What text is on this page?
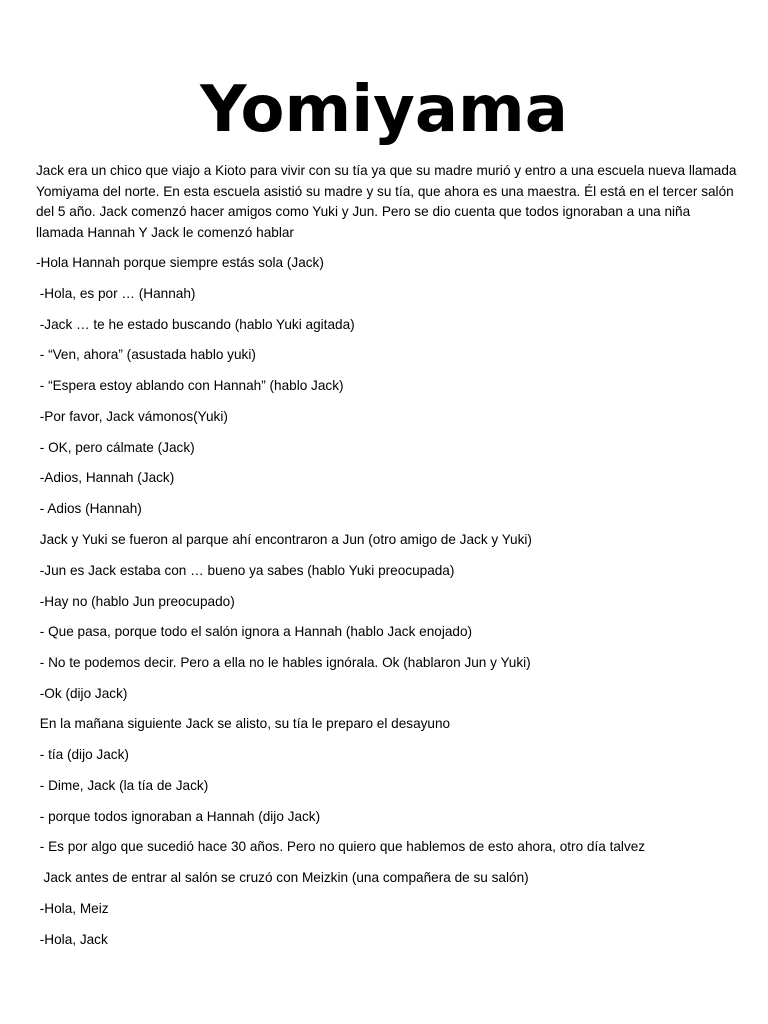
Yomiyama

Jack era un chico que viajo a Kioto para vivir con su tía ya que su madre murió y entro a una escuela nueva llamada Yomiyama del norte. En esta escuela asistió su madre y su tía, que ahora es una maestra. Él está en el tercer salón del 5 año. Jack comenzó hacer amigos como Yuki y Jun. Pero se dio cuenta que todos ignoraban a una niña llamada Hannah Y Jack le comenzó hablar

-Hola Hannah porque siempre estás sola (Jack)

-Hola, es por … (Hannah)

-Jack … te he estado buscando (hablo Yuki agitada)

- “Ven, ahora” (asustada hablo yuki)

- “Espera estoy ablando con Hannah” (hablo Jack)

-Por favor, Jack vámonos(Yuki)

- OK, pero cálmate (Jack)

-Adios, Hannah (Jack)

- Adios (Hannah)

Jack y Yuki se fueron al parque ahí encontraron a Jun (otro amigo de Jack y Yuki)

-Jun es Jack estaba con … bueno ya sabes (hablo Yuki preocupada)

-Hay no (hablo Jun preocupado)

- Que pasa, porque todo el salón ignora a Hannah (hablo Jack enojado)

- No te podemos decir. Pero a ella no le hables ignórala. Ok (hablaron Jun y Yuki)

-Ok (dijo Jack)

En la mañana siguiente Jack se alisto, su tía le preparo el desayuno

- tía (dijo Jack)

- Dime, Jack (la tía de Jack)

- porque todos ignoraban a Hannah (dijo Jack)

- Es por algo que sucedió hace 30 años. Pero no quiero que hablemos de esto ahora, otro día talvez

Jack antes de entrar al salón se cruzó con Meizkin (una compañera de su salón)

-Hola, Meiz

-Hola, Jack
